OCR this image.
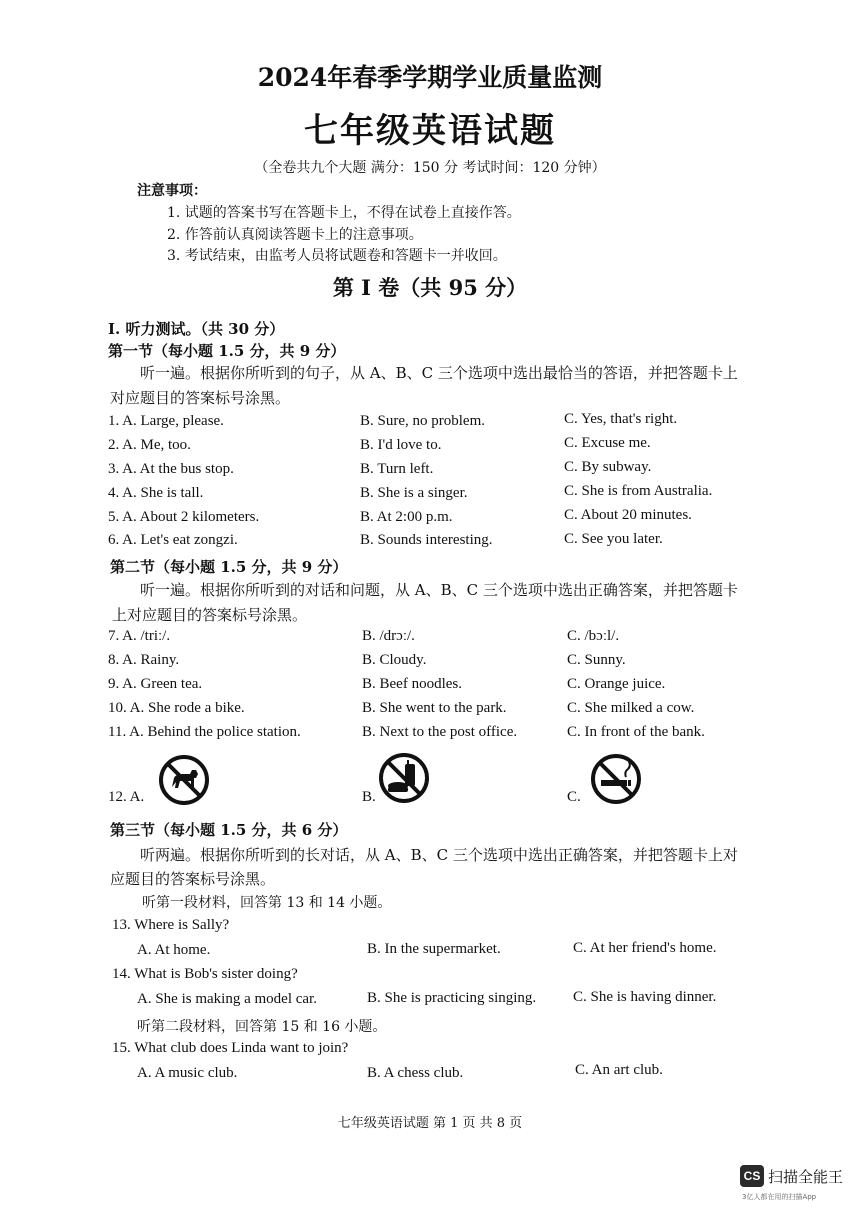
2024年春季学期学业质量监测
七年级英语试题
（全卷共九个大题 满分：150 分 考试时间：120 分钟）
注意事项：
1. 试题的答案书写在答题卡上，不得在试卷上直接作答。
2. 作答前认真阅读答题卡上的注意事项。
3. 考试结束，由监考人员将试题卷和答题卡一并收回。
第 I 卷（共 95 分）
I. 听力测试。（共 30 分）
第一节（每小题 1.5 分，共 9 分）
听一遍。根据你所听到的句子，从 A、B、C 三个选项中选出最恰当的答语，并把答题卡上
对应题目的答案标号涂黑。
1. A. Large, please.	B. Sure, no problem.	C. Yes, that's right.
2. A. Me, too.	B. I'd love to.	C. Excuse me.
3. A. At the bus stop.	B. Turn left.	C. By subway.
4. A. She is tall.	B. She is a singer.	C. She is from Australia.
5. A. About 2 kilometers.	B. At 2:00 p.m.	C. About 20 minutes.
6. A. Let's eat zongzi.	B. Sounds interesting.	C. See you later.
第二节（每小题 1.5 分，共 9 分）
听一遍。根据你所听到的对话和问题，从 A、B、C 三个选项中选出正确答案，并把答题卡
上对应题目的答案标号涂黑。
7. A. /triː/.	B. /drɔː/.	C. /bɔːl/.
8. A. Rainy.	B. Cloudy.	C. Sunny.
9. A. Green tea.	B. Beef noodles.	C. Orange juice.
10. A. She rode a bike.	B. She went to the park.	C. She milked a cow.
11. A. Behind the police station.	B. Next to the post office.	C. In front of the bank.
12. A.	B.	C.
第三节（每小题 1.5 分，共 6 分）
听两遍。根据你所听到的长对话，从 A、B、C 三个选项中选出正确答案，并把答题卡上对
应题目的答案标号涂黑。
听第一段材料，回答第 13 和 14 小题。
13. Where is Sally?
A. At home.	B. In the supermarket.	C. At her friend's home.
14. What is Bob's sister doing?
A. She is making a model car.	B. She is practicing singing. C. She is having dinner.
听第二段材料，回答第 15 和 16 小题。
15. What club does Linda want to join?
A. A music club.	B. A chess club.	C. An art club.
七年级英语试题 第 1 页 共 8 页
CS 扫描全能王
3亿人都在用的扫描App
